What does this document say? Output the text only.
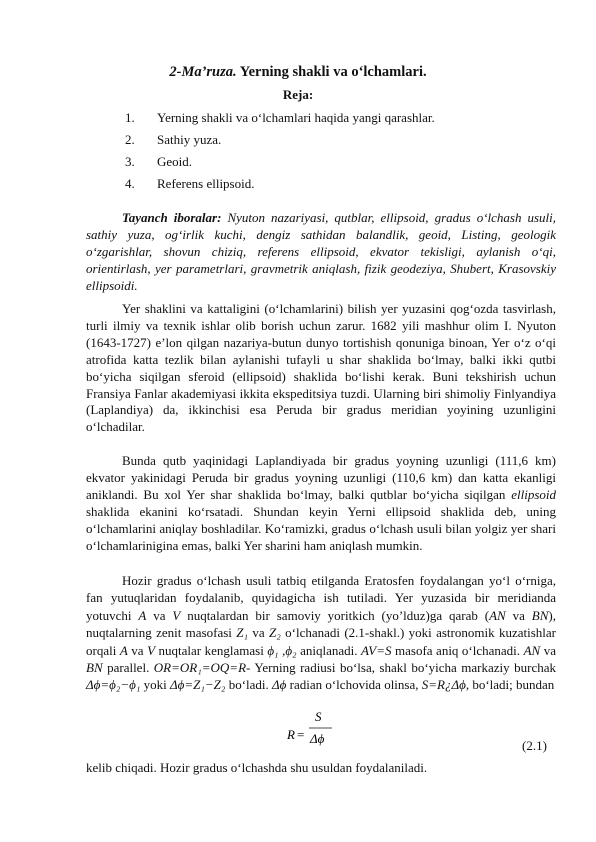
2-Ma’ruza. Yerning shakli va o‘lchamlari.
Reja:
1. Yerning shakli va o‘lchamlari haqida yangi qarashlar.
2. Sathiy yuza.
3. Geoid.
4. Referens ellipsoid.

Tayanch iboralar: Nyuton nazariyasi, qutblar, ellipsoid, gradus o‘lchash usuli, sathiy yuza, og‘irlik kuchi, dengiz sathidan balandlik, geoid, Listing, geologik o‘zgarishlar, shovun chiziq, referens ellipsoid, ekvator tekisligi, aylanish o‘qi, orientirlash, yer parametrlari, gravmetrik aniqlash, fizik geodeziya, Shubert, Krasovskiy ellipsoidi.

Yer shaklini va kattaligini (o‘lchamlarini) bilish yer yuzasini qog‘ozda tasvirlash, turli ilmiy va texnik ishlar olib borish uchun zarur. 1682 yili mashhur olim I. Nyuton (1643-1727) e’lon qilgan nazariya-butun dunyo tortishish qonuniga binoan, Yer o‘z o‘qi atrofida katta tezlik bilan aylanishi tufayli u shar shaklida bo‘lmay, balki ikki qutbi bo‘yicha siqilgan sferoid (ellipsoid) shaklida bo‘lishi kerak. Buni tekshirish uchun Fransiya Fanlar akademiyasi ikkita ekspeditsiya tuzdi. Ularning biri shimoliy Finlyandiya (Laplandiya) da, ikkinchisi esa Peruda bir gradus meridian yoyining uzunligini o‘lchadilar.

Bunda qutb yaqinidagi Laplandiyada bir gradus yoyning uzunligi (111,6 km) ekvator yakinidagi Peruda bir gradus yoyning uzunligi (110,6 km) dan katta ekanligi aniklandi. Bu xol Yer shar shaklida bo‘lmay, balki qutblar bo‘yicha siqilgan ellipsoid shaklida ekanini ko‘rsatadi. Shundan keyin Yerni ellipsoid shaklida deb, uning o‘lchamlarini aniqlay boshladilar. Ko‘ramizki, gradus o‘lchash usuli bilan yolgiz yer shari o‘lchamlarinigina emas, balki Yer sharini ham aniqlash mumkin.

Hozir gradus o‘lchash usuli tatbiq etilganda Eratosfen foydalangan yo‘l o‘rniga, fan yutuqlaridan foydalanib, quyidagicha ish tutiladi. Yer yuzasida bir meridianda yotuvchi A va V nuqtalardan bir samoviy yoritkich (yo’lduz)ga qarab (AN va BN), nuqtalarning zenit masofasi Z₁ va Z₂ o‘lchanadi (2.1-shakl.) yoki astronomik kuzatishlar orqali A va V nuqtalar kenglamasi ϕ₁ ,ϕ₂ aniqlanadi. AV=S masofa aniq o‘lchanadi. AN va BN parallel. OR=OR₁=OQ=R- Yerning radiusi bo‘lsa, shakl bo‘yicha markaziy burchak Δϕ=ϕ₂−ϕ₁ yoki Δϕ=Z₁−Z₂ bo‘ladi. Δϕ radian o‘lchovida olinsa, S=R¿Δϕ, bo‘ladi; bundan

R =
S
Δϕ	(2.1)
kelib chiqadi. Hozir gradus o‘lchashda shu usuldan foydalaniladi.
